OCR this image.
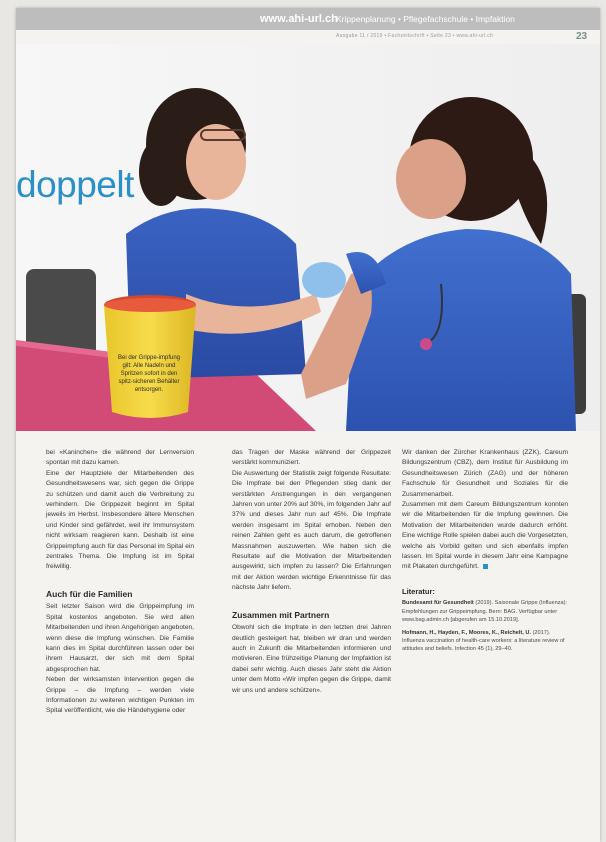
www.ahi-url.ch
Krippenplanung • Pflegefachschule • Impfaktion
Ausgabe 11 / 2019 • Fachzeitschrift • Seite 23 • www.ahi-url.ch	23
doppelt
Bei der Grippe-impfung gilt: Alle Nadeln und Spritzen sofort in den spitz-sicheren Behälter entsorgen.

bei «Kaninchen» die während der Lernversion spontan mit dazu kamen.

Eine der Hauptziele der Mitarbeitenden des Gesundheitswesens war, sich gegen die Grippe zu schützen und damit auch die Verbreitung zu verhindern. Die Grippezeit beginnt im Spital jeweils im Herbst. Insbesondere ältere Menschen und Kinder sind gefährdet, weil ihr Immunsystem nicht wirksam reagieren kann. Deshalb ist eine Grippeimpfung auch für das Personal im Spital ein zentrales Thema. Die Impfung ist im Spital freiwillig.

Auch für die Familien

Seit letzter Saison wird die Grippeimpfung im Spital kostenlos angeboten. Sie wird allen Mitarbeitenden und ihren Angehörigen angeboten, wenn diese die Impfung wünschen. Die Familie kann dies im Spital durchführen lassen oder bei ihrem Hausarzt, der sich mit dem Spital abgesprochen hat.

Neben der wirksamsten Intervention gegen die Grippe – die Impfung – werden viele Informationen zu weiteren wichtigen Punkten im Spital veröffentlicht, wie die Händehygiene oder

das Tragen der Maske während der Grippezeit verstärkt kommuniziert.

Die Auswertung der Statistik zeigt folgende Resultate: Die Impfrate bei den Pflegenden stieg dank der verstärkten Anstrengungen in den vergangenen Jahren von unter 20% auf 30%, im folgenden Jahr auf 37% und dieses Jahr nun auf 45%. Die Impfrate werden insgesamt im Spital erhoben. Neben den reinen Zahlen geht es auch darum, die getroffenen Massnahmen auszuwerten. Wie haben sich die Resultate auf die Motivation der Mitarbeitenden ausgewirkt, sich impfen zu lassen? Die Erfahrungen mit der Aktion werden wichtige Erkenntnisse für das nächste Jahr liefern.

Zusammen mit Partnern

Obwohl sich die Impfrate in den letzten drei Jahren deutlich gesteigert hat, bleiben wir dran und werden auch in Zukunft die Mitarbeitenden informieren und motivieren. Eine frühzeitige Planung der Impfaktion ist dabei sehr wichtig. Auch dieses Jahr steht die Aktion unter dem Motto «Wir impfen gegen die Grippe, damit wir uns und andere schützen».

Wir danken der Zürcher Krankenhaus (ZZK), Careum Bildungszentrum (CBZ), dem Institut für Ausbildung im Gesundheitswesen Zürich (ZAG) und der höheren Fachschule für Gesundheit und Soziales für die Zusammenarbeit.

Zusammen mit dem Careum Bildungszentrum konnten wir die Mitarbeitenden für die Impfung gewinnen. Die Motivation der Mitarbeitenden wurde dadurch erhöht. Eine wichtige Rolle spielen dabei auch die Vorgesetzten, welche als Vorbild gelten und sich ebenfalls impfen lassen. Im Spital wurde in diesem Jahr eine Kampagne mit Plakaten durchgeführt.

Literatur:

Bundesamt für Gesundheit (2019). Saisonale Grippe (Influenza): Empfehlungen zur Grippeimpfung. Bern: BAG. Verfügbar unter www.bag.admin.ch [abgerufen am 15.10.2019].

Hofmann, H., Hayden, F., Moores, K., Reichelt, U. (2017). Influenza vaccination of health-care workers: a literature review of attitudes and beliefs. Infection 45 (1), 29–40.
